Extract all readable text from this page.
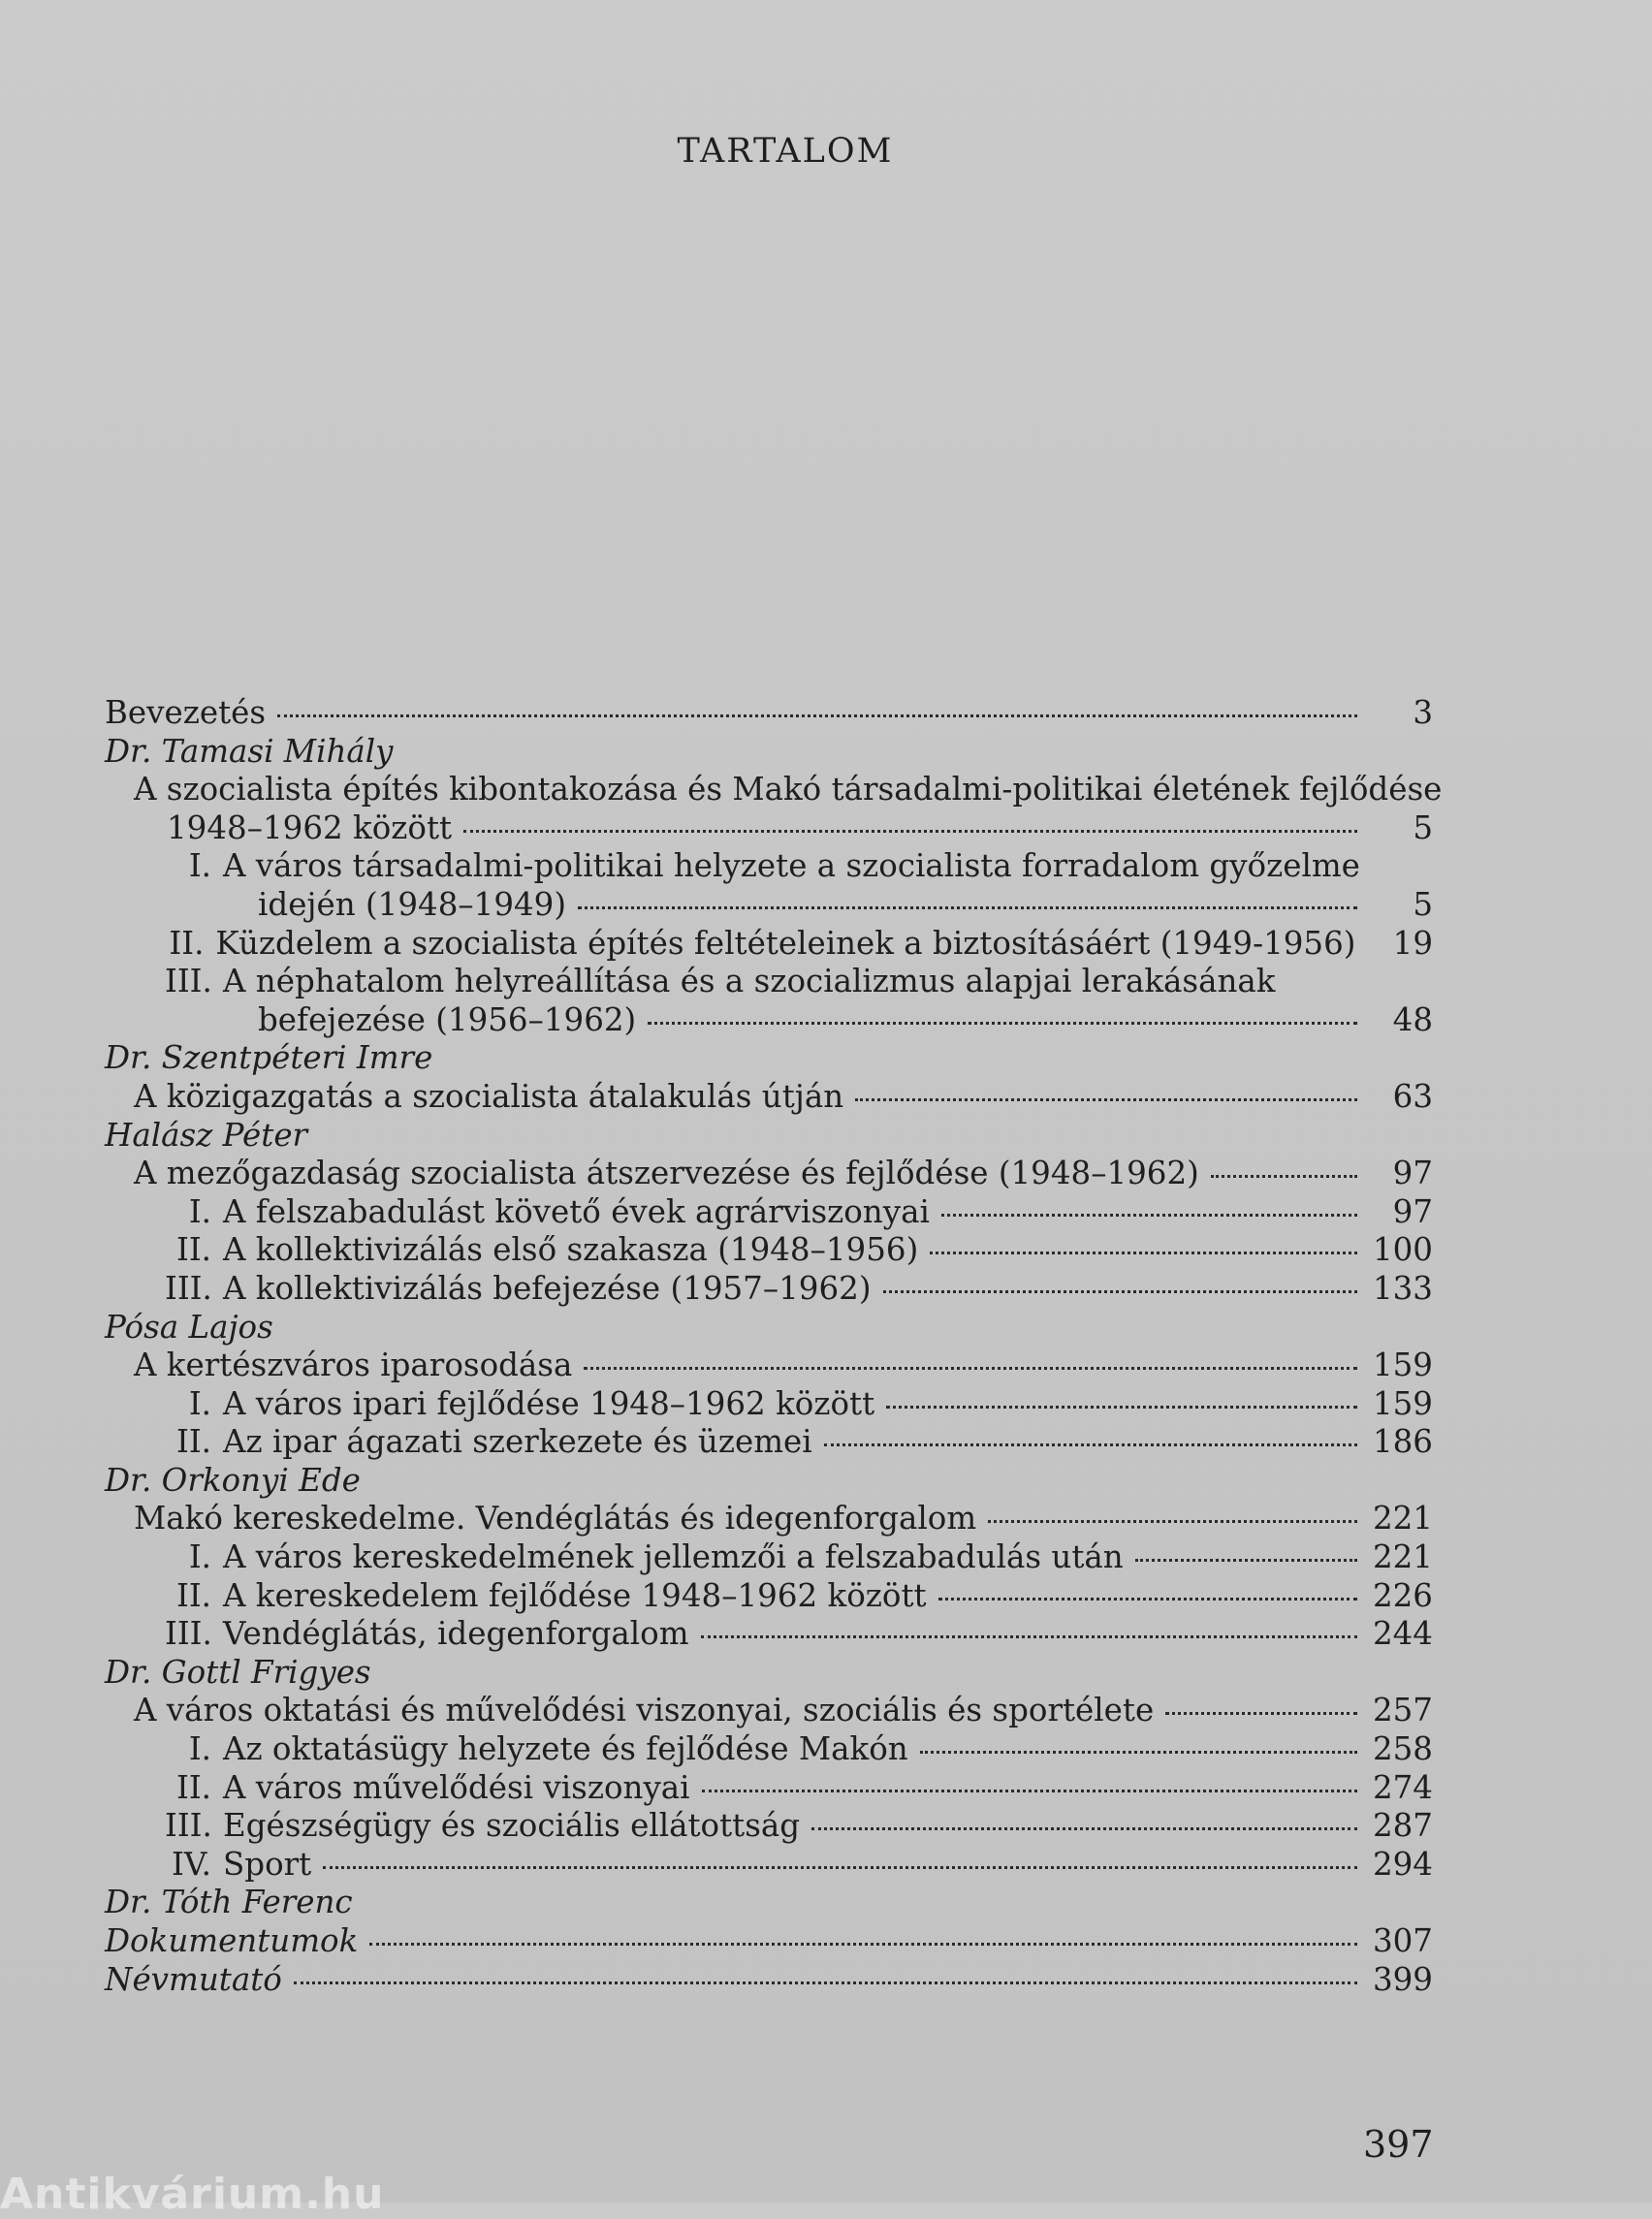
TARTALOM
Bevezetés	3
Dr. Tamasi Mihály
A szocialista építés kibontakozása és Makó társadalmi-politikai életének fejlődése
1948–1962 között	5
I. A város társadalmi-politikai helyzete a szocialista forradalom győzelme
idején (1948–1949)	5
II. Küzdelem a szocialista építés feltételeinek a biztosításáért (1949-1956)	19
III. A néphatalom helyreállítása és a szocializmus alapjai lerakásának
befejezése (1956–1962)	48
Dr. Szentpéteri Imre
A közigazgatás a szocialista átalakulás útján	63
Halász Péter
A mezőgazdaság szocialista átszervezése és fejlődése (1948–1962)	97
I. A felszabadulást követő évek agrárviszonyai	97
II. A kollektivizálás első szakasza (1948–1956)	100
III. A kollektivizálás befejezése (1957–1962)	133
Pósa Lajos
A kertészváros iparosodása	159
I. A város ipari fejlődése 1948–1962 között	159
II. Az ipar ágazati szerkezete és üzemei	186
Dr. Orkonyi Ede
Makó kereskedelme. Vendéglátás és idegenforgalom	221
I. A város kereskedelmének jellemzői a felszabadulás után	221
II. A kereskedelem fejlődése 1948–1962 között	226
III. Vendéglátás, idegenforgalom	244
Dr. Gottl Frigyes
A város oktatási és művelődési viszonyai, szociális és sportélete	257
I. Az oktatásügy helyzete és fejlődése Makón	258
II. A város művelődési viszonyai	274
III. Egészségügy és szociális ellátottság	287
IV. Sport	294
Dr. Tóth Ferenc
Dokumentumok	307
Névmutató	399
397
Antikvárium.hu
